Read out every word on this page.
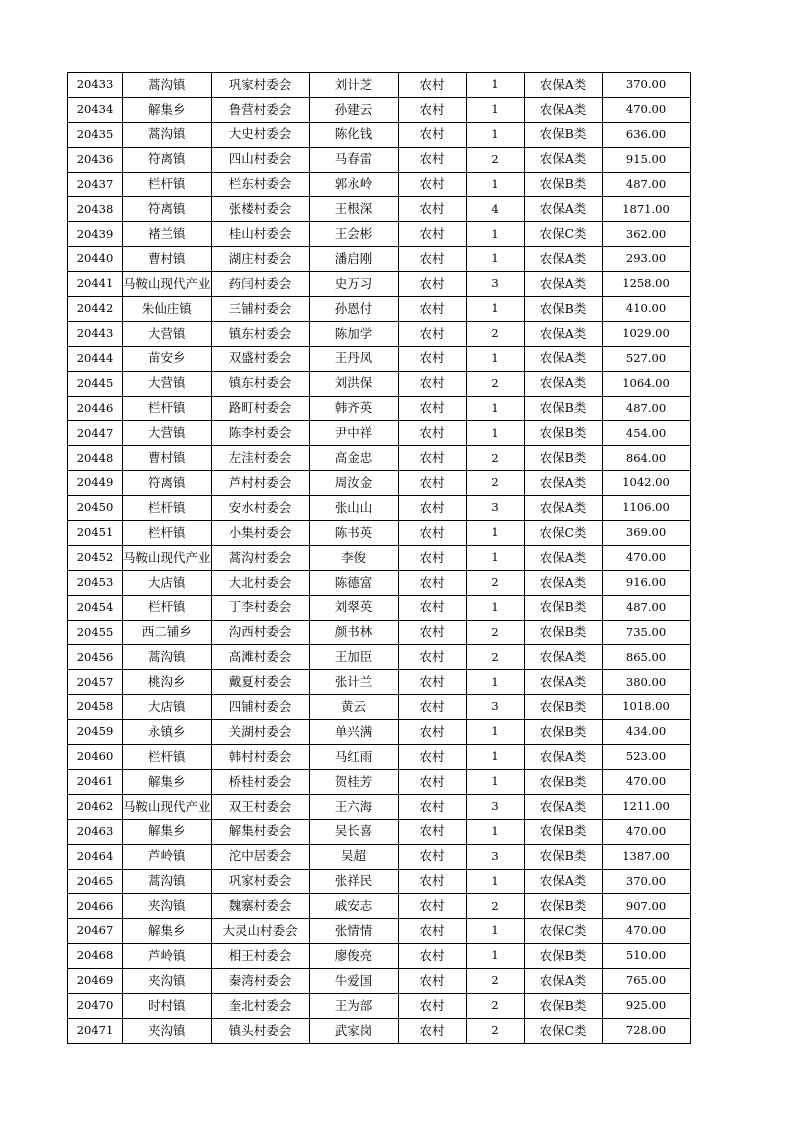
20433	蒿沟镇	巩家村委会	刘计芝	农村	1	农保A类	370.00
20434	解集乡	鲁营村委会	孙建云	农村	1	农保A类	470.00
20435	蒿沟镇	大史村委会	陈化钱	农村	1	农保B类	636.00
20436	符离镇	四山村委会	马春雷	农村	2	农保A类	915.00
20437	栏杆镇	栏东村委会	郭永岭	农村	1	农保B类	487.00
20438	符离镇	张楼村委会	王根深	农村	4	农保A类	1871.00
20439	褚兰镇	桂山村委会	王会彬	农村	1	农保C类	362.00
20440	曹村镇	湖庄村委会	潘启刚	农村	1	农保A类	293.00
20441	马鞍山现代产业	药闫村委会	史万习	农村	3	农保A类	1258.00
20442	朱仙庄镇	三铺村委会	孙恩付	农村	1	农保B类	410.00
20443	大营镇	镇东村委会	陈加学	农村	2	农保A类	1029.00
20444	苗安乡	双盛村委会	王丹凤	农村	1	农保A类	527.00
20445	大营镇	镇东村委会	刘洪保	农村	2	农保A类	1064.00
20446	栏杆镇	路町村委会	韩齐英	农村	1	农保B类	487.00
20447	大营镇	陈李村委会	尹中祥	农村	1	农保B类	454.00
20448	曹村镇	左洼村委会	高金忠	农村	2	农保B类	864.00
20449	符离镇	芦村村委会	周汝金	农村	2	农保A类	1042.00
20450	栏杆镇	安水村委会	张山山	农村	3	农保A类	1106.00
20451	栏杆镇	小集村委会	陈书英	农村	1	农保C类	369.00
20452	马鞍山现代产业	蒿沟村委会	李俊	农村	1	农保A类	470.00
20453	大店镇	大北村委会	陈德富	农村	2	农保A类	916.00
20454	栏杆镇	丁李村委会	刘翠英	农村	1	农保B类	487.00
20455	西二铺乡	沟西村委会	颜书林	农村	2	农保B类	735.00
20456	蒿沟镇	高滩村委会	王加臣	农村	2	农保A类	865.00
20457	桃沟乡	戴夏村委会	张计兰	农村	1	农保A类	380.00
20458	大店镇	四铺村委会	黄云	农村	3	农保B类	1018.00
20459	永镇乡	关湖村委会	单兴满	农村	1	农保B类	434.00
20460	栏杆镇	韩村村委会	马红雨	农村	1	农保A类	523.00
20461	解集乡	桥桂村委会	贺桂芳	农村	1	农保B类	470.00
20462	马鞍山现代产业	双王村委会	王六海	农村	3	农保A类	1211.00
20463	解集乡	解集村委会	吴长喜	农村	1	农保B类	470.00
20464	芦岭镇	沱中居委会	吴超	农村	3	农保B类	1387.00
20465	蒿沟镇	巩家村委会	张祥民	农村	1	农保A类	370.00
20466	夹沟镇	魏寨村委会	戚安志	农村	2	农保B类	907.00
20467	解集乡	大灵山村委会	张情情	农村	1	农保C类	470.00
20468	芦岭镇	相王村委会	廖俊亮	农村	1	农保B类	510.00
20469	夹沟镇	秦湾村委会	牛爱国	农村	2	农保A类	765.00
20470	时村镇	奎北村委会	王为部	农村	2	农保B类	925.00
20471	夹沟镇	镇头村委会	武家岗	农村	2	农保C类	728.00
